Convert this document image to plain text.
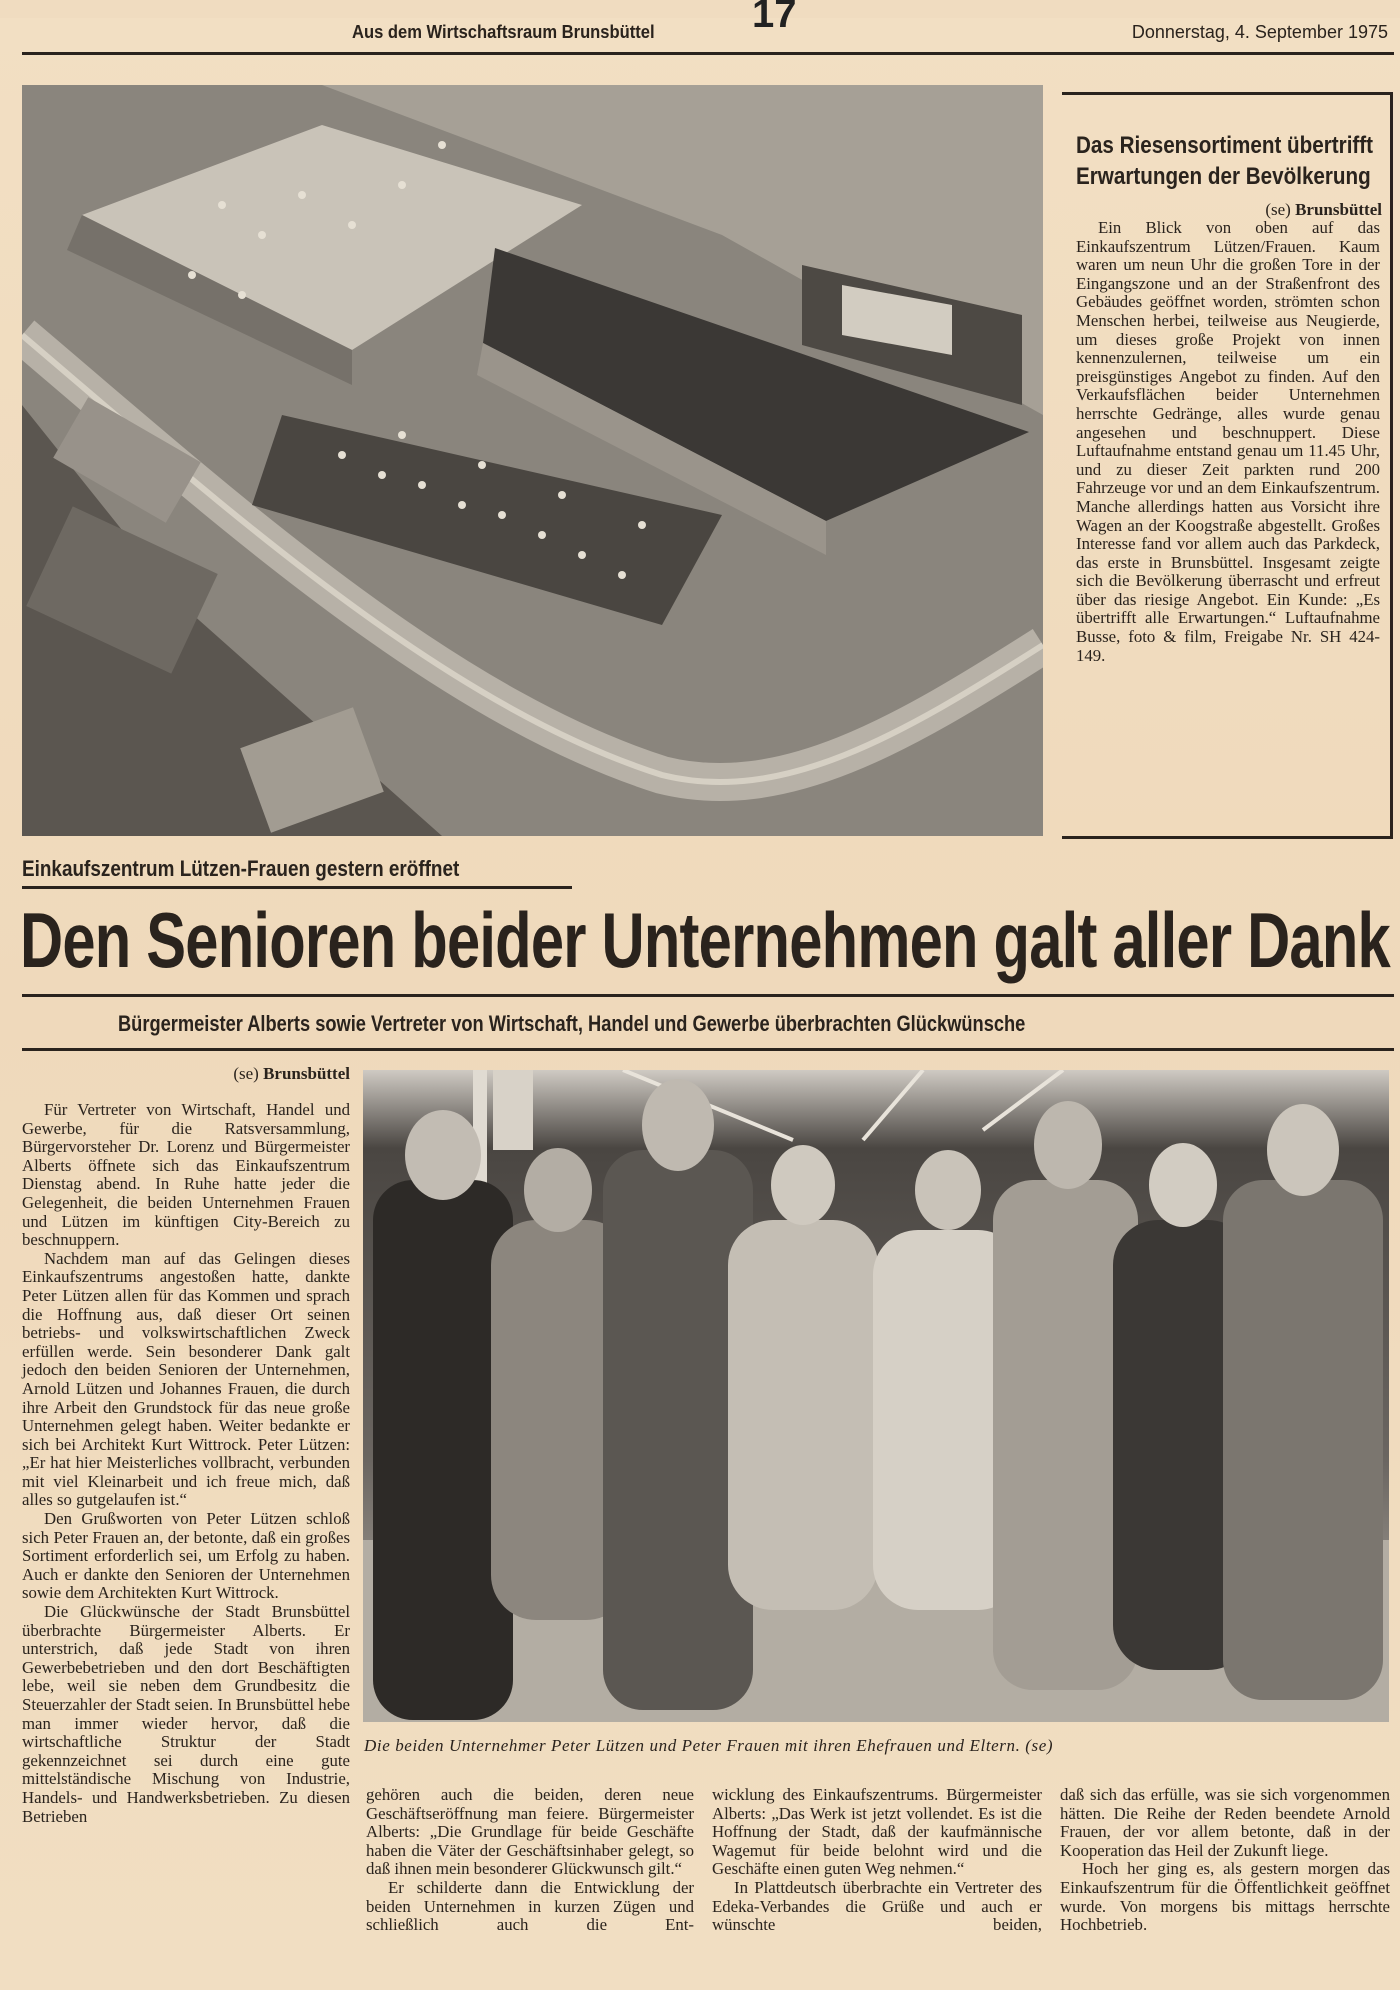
17
Aus dem Wirtschaftsraum Brunsbüttel	Donnerstag, 4. September 1975
Das Riesensortiment übertrifft Erwartungen der Bevölkerung
(se) Brunsbüttel

Ein Blick von oben auf das Einkaufszentrum Lützen/Frauen. Kaum waren um neun Uhr die großen Tore in der Eingangszone und an der Straßenfront des Gebäudes geöffnet worden, strömten schon Menschen herbei, teilweise aus Neugierde, um dieses große Projekt von innen kennenzulernen, teilweise um ein preisgünstiges Angebot zu finden. Auf den Verkaufsflächen beider Unternehmen herrschte Gedränge, alles wurde genau angesehen und beschnuppert. Diese Luftaufnahme entstand genau um 11.45 Uhr, und zu dieser Zeit parkten rund 200 Fahrzeuge vor und an dem Einkaufszentrum. Manche allerdings hatten aus Vorsicht ihre Wagen an der Koogstraße abgestellt. Großes Interesse fand vor allem auch das Parkdeck, das erste in Brunsbüttel. Insgesamt zeigte sich die Bevölkerung überrascht und erfreut über das riesige Angebot. Ein Kunde: „Es übertrifft alle Erwartungen.“ Luftaufnahme Busse, foto & film, Freigabe Nr. SH 424-149.

Einkaufszentrum Lützen-Frauen gestern eröffnet
Den Senioren beider Unternehmen galt aller Dank
Bürgermeister Alberts sowie Vertreter von Wirtschaft, Handel und Gewerbe überbrachten Glückwünsche
(se) Brunsbüttel

Für Vertreter von Wirtschaft, Handel und Gewerbe, für die Ratsversammlung, Bürgervorsteher Dr. Lorenz und Bürgermeister Alberts öffnete sich das Einkaufszentrum Dienstag abend. In Ruhe hatte jeder die Gelegenheit, die beiden Unternehmen Frauen und Lützen im künftigen City-Bereich zu beschnuppern.

Nachdem man auf das Gelingen dieses Einkaufszentrums angestoßen hatte, dankte Peter Lützen allen für das Kommen und sprach die Hoffnung aus, daß dieser Ort seinen betriebs- und volkswirtschaftlichen Zweck erfüllen werde. Sein besonderer Dank galt jedoch den beiden Senioren der Unternehmen, Arnold Lützen und Johannes Frauen, die durch ihre Arbeit den Grundstock für das neue große Unternehmen gelegt haben. Weiter bedankte er sich bei Architekt Kurt Wittrock. Peter Lützen: „Er hat hier Meisterliches vollbracht, verbunden mit viel Kleinarbeit und ich freue mich, daß alles so gutgelaufen ist.“

Den Grußworten von Peter Lützen schloß sich Peter Frauen an, der betonte, daß ein großes Sortiment erforderlich sei, um Erfolg zu haben. Auch er dankte den Senioren der Unternehmen sowie dem Architekten Kurt Wittrock.

Die Glückwünsche der Stadt Brunsbüttel überbrachte Bürgermeister Alberts. Er unterstrich, daß jede Stadt von ihren Gewerbebetrieben und den dort Beschäftigten lebe, weil sie neben dem Grundbesitz die Steuerzahler der Stadt seien. In Brunsbüttel hebe man immer wieder hervor, daß die wirtschaftliche Struktur der Stadt gekennzeichnet sei durch eine gute mittelständische Mischung von Industrie, Handels- und Handwerksbetrieben. Zu diesen Betrieben

Die beiden Unternehmer Peter Lützen und Peter Frauen mit ihren Ehefrauen und Eltern. (se)

gehören auch die beiden, deren neue Geschäftseröffnung man feiere. Bürgermeister Alberts: „Die Grundlage für beide Geschäfte haben die Väter der Geschäftsinhaber gelegt, so daß ihnen mein besonderer Glückwunsch gilt.“

Er schilderte dann die Entwicklung der beiden Unternehmen in kurzen Zügen und schließlich auch die Ent-

wicklung des Einkaufszentrums. Bürgermeister Alberts: „Das Werk ist jetzt vollendet. Es ist die Hoffnung der Stadt, daß der kaufmännische Wagemut für beide belohnt wird und die Geschäfte einen guten Weg nehmen.“

In Plattdeutsch überbrachte ein Vertreter des Edeka-Verbandes die Grüße und auch er wünschte beiden,

daß sich das erfülle, was sie sich vorgenommen hätten. Die Reihe der Reden beendete Arnold Frauen, der vor allem betonte, daß in der Kooperation das Heil der Zukunft liege.

Hoch her ging es, als gestern morgen das Einkaufszentrum für die Öffentlichkeit geöffnet wurde. Von morgens bis mittags herrschte Hochbetrieb.
